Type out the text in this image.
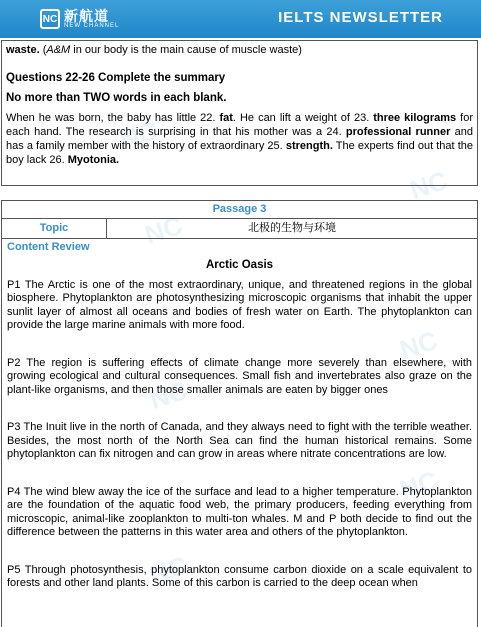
NC 新航道
NEW CHANNEL	IELTS NEWSLETTER
NC
NC
NC
NC
NC
NC
NC

waste. (A&M in our body is the main cause of muscle waste)

Questions 22-26 Complete the summary

No more than TWO words in each blank.

When he was born, the baby has little 22. fat. He can lift a weight of 23. three kilograms for each hand. The research is surprising in that his mother was a 24. professional runner and has a family member with the history of extraordinary 25. strength. The experts find out that the boy lack 26. Myotonia.

Passage 3
Topic	北极的生物与环境
Content Review
Arctic Oasis

P1 The Arctic is one of the most extraordinary, unique, and threatened regions in the global biosphere. Phytoplankton are photosynthesizing microscopic organisms that inhabit the upper sunlit layer of almost all oceans and bodies of fresh water on Earth. The phytoplankton can provide the large marine animals with more food.

P2 The region is suffering effects of climate change more severely than elsewhere, with growing ecological and cultural consequences. Small fish and invertebrates also graze on the plant-like organisms, and then those smaller animals are eaten by bigger ones

P3 The Inuit live in the north of Canada, and they always need to fight with the terrible weather. Besides, the most north of the North Sea can find the human historical remains. Some phytoplankton can fix nitrogen and can grow in areas where nitrate concentrations are low.

P4 The wind blew away the ice of the surface and lead to a higher temperature. Phytoplankton are the foundation of the aquatic food web, the primary producers, feeding everything from microscopic, animal-like zooplankton to multi-ton whales. M and P both decide to find out the difference between the patterns in this water area and others of the phytoplankton.

P5 Through photosynthesis, phytoplankton consume carbon dioxide on a scale equivalent to forests and other land plants. Some of this carbon is carried to the deep ocean when
